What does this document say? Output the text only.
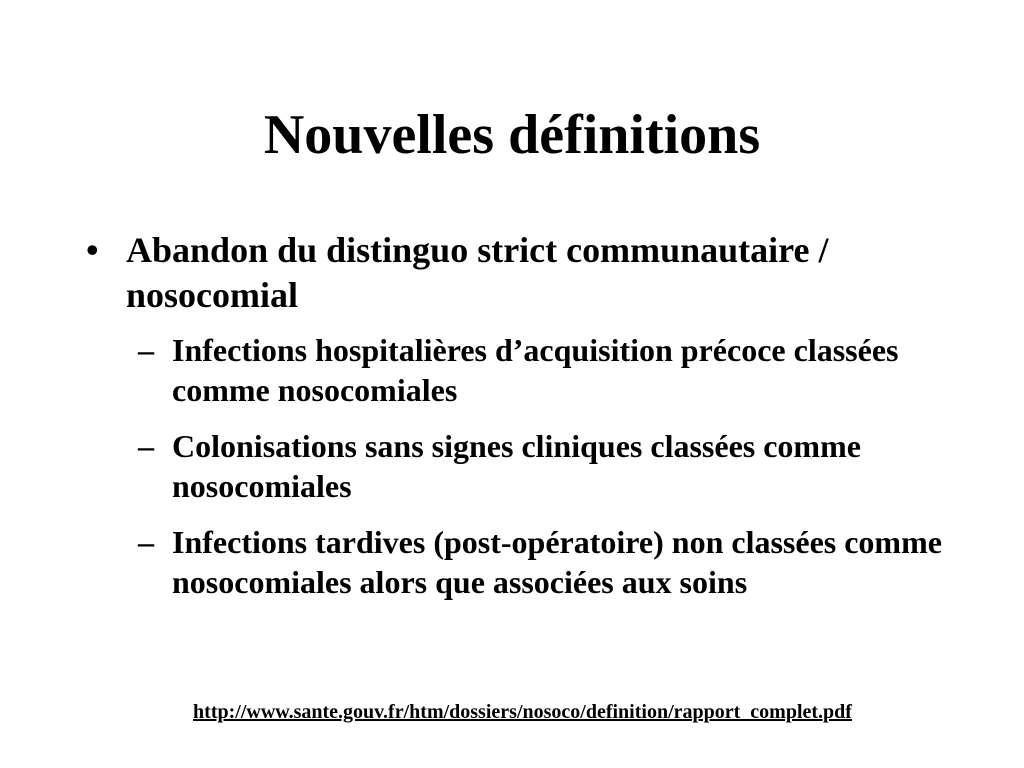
Nouvelles définitions
• Abandon du distinguo strict communautaire / nosocomial
– Infections hospitalières d’acquisition précoce classées comme nosocomiales
– Colonisations sans signes cliniques classées comme nosocomiales
– Infections tardives (post-opératoire) non classées comme nosocomiales alors que associées aux soins
http://www.sante.gouv.fr/htm/dossiers/nosoco/definition/rapport_complet.pdf
